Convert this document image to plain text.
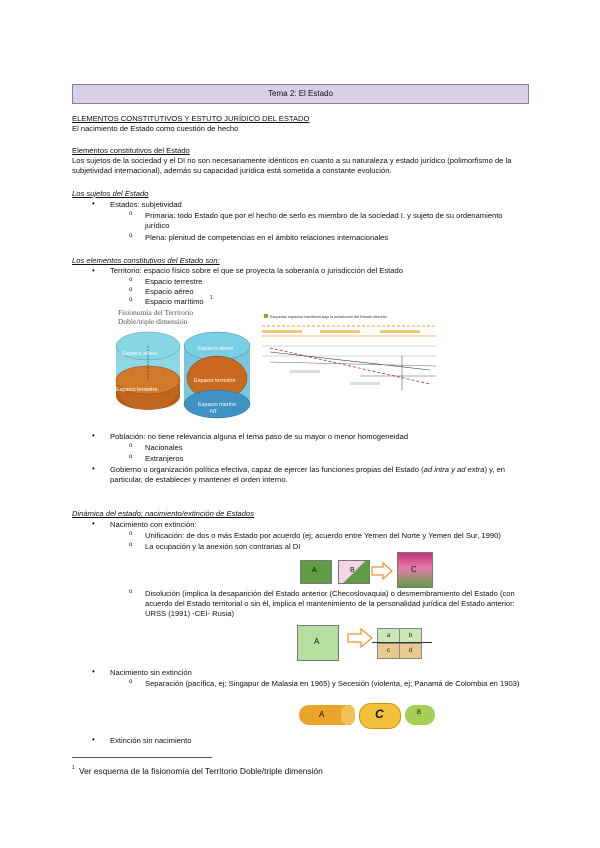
Tema 2: El Estado
ELEMENTOS CONSTITUTIVOS Y ESTUTO JURÍDICO DEL ESTADO
El nacimiento de Estado como cuestión de hecho
Elementos constitutivos del Estado
Los sujetos de la sociedad y el DI no son necesariamente idénticos en cuanto a su naturaleza y estado jurídico (polimorfismo de la subjetividad internacional), además su capacidad jurídica está sometida a constante evolución.
Los sujetos del Estado
• Estados: subjetividad
o Primaria: todo Estado que por el hecho de serlo es miembro de la sociedad I. y sujeto de su ordenamiento jurídico
o Plena: plenitud de competencias en el ámbito relaciones internacionales
Los elementos constitutivos del Estado son:
• Territorio: espacio físico sobre el que se proyecta la soberanía o jurisdicción del Estado
o Espacio terrestre
o Espacio aéreo
o Espacio marítimo 1
Fisionomía del Territorio
Doble/triple dimensión
Espacio aéreo
Espacio terrestre
Espacio aéreo
Espacio terrestre
Espacio marino
NT
Esquema: espacios marítimos bajo la jurisdicción del Estado ribereño
• Población: no tiene relevancia alguna el tema paso de su mayor o menor homogeneidad
o Nacionales
o Extranjeros
• Gobierno u organización política efectiva, capaz de ejercer las funciones propias del Estado (ad intra y ad extra) y, en particular, de establecer y mantener el orden interno.
Dinámica del estado: nacimiento/extinción de Estados
• Nacimiento con extinción:
o Unificación: de dos o más Estado por acuerdo (ej; acuerdo entre Yemen del Norte y Yemen del Sur, 1990)
o La ocupación y la anexión son contrarias al DI
A	B	C
o Disolución (implica la desaparición del Estado anterior (Checoslovaquia) o desmembramiento del Estado (con acuerdo del Estado territorial o sin él, implica el mantenimiento de la personalidad jurídica del Estado anterior: URSS (1991) -CEI- Rusia)
A
a	b
c	d
• Nacimiento sin extinción
o Separación (pacífica, ej; Singapur de Malasia en 1965) y Secesión (violenta, ej; Panamá de Colombia en 1903)
A	C	B
• Extinción sin nacimiento
1 Ver esquema de la fisionomía del Territorio Doble/triple dimensión
